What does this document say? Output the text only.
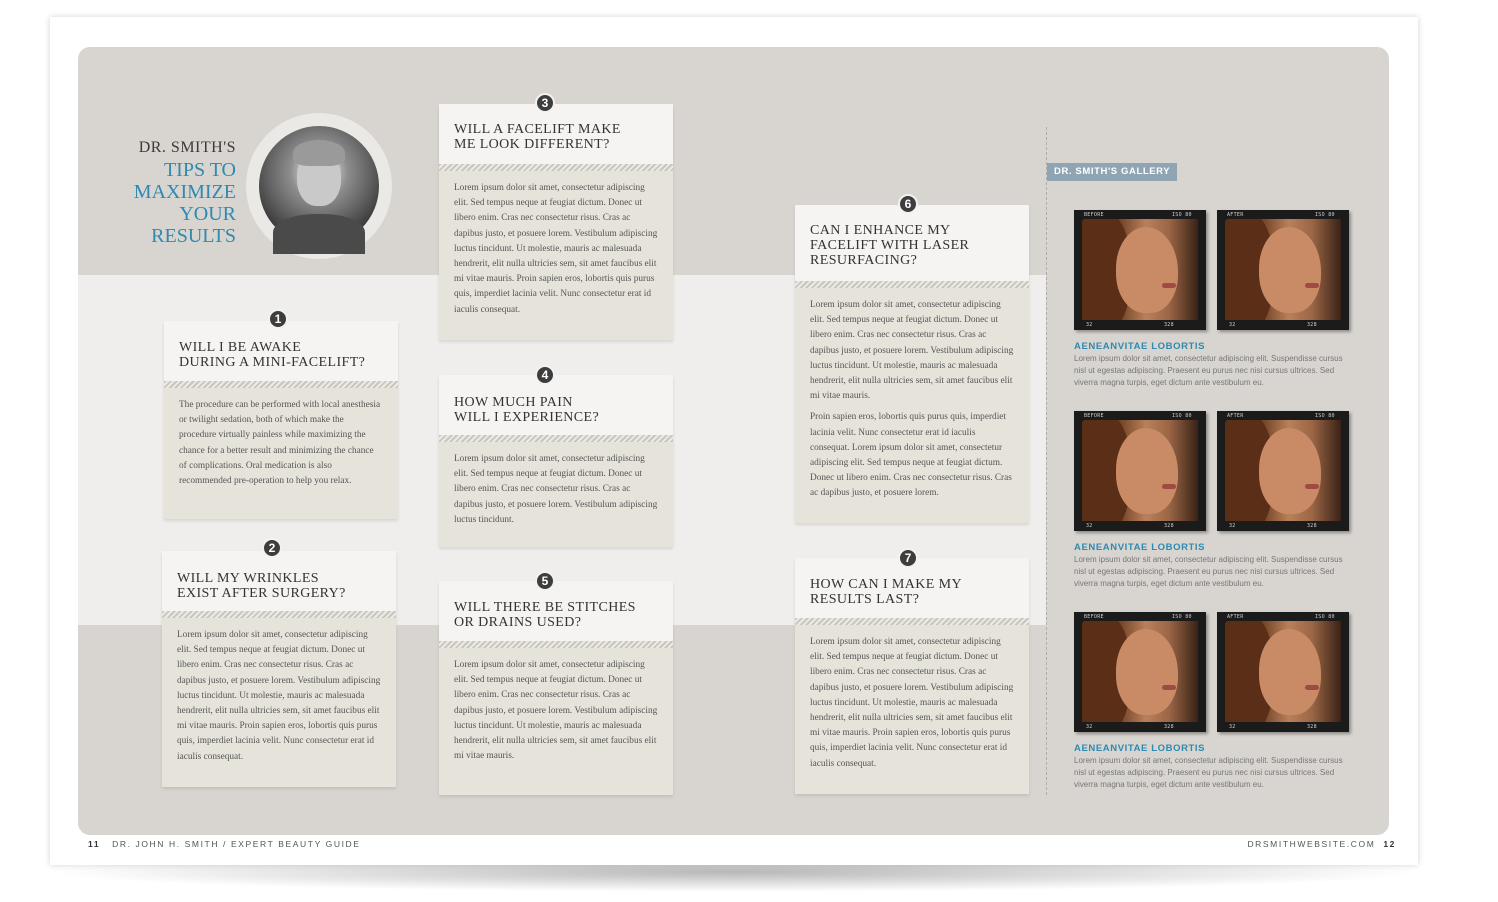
DR. SMITH'S
TIPS TO
MAXIMIZE
YOUR
RESULTS
WILL I BE AWAKE
DURING A MINI-FACELIFT?

The procedure can be performed with local anesthesia or twilight sedation, both of which make the procedure virtually painless while maximizing the chance for a better result and minimizing the chance of complications. Oral medication is also recommended pre-operation to help you relax.

1
WILL MY WRINKLES
EXIST AFTER SURGERY?

Lorem ipsum dolor sit amet, consectetur adipiscing elit. Sed tempus neque at feugiat dictum. Donec ut libero enim. Cras nec consectetur risus. Cras ac dapibus justo, et posuere lorem. Vestibulum adipiscing luctus tincidunt. Ut molestie, mauris ac malesuada hendrerit, elit nulla ultricies sem, sit amet faucibus elit mi vitae mauris. Proin sapien eros, lobortis quis purus quis, imperdiet lacinia velit. Nunc consectetur erat id iaculis consequat.

2
WILL A FACELIFT MAKE
ME LOOK DIFFERENT?

Lorem ipsum dolor sit amet, consectetur adipiscing elit. Sed tempus neque at feugiat dictum. Donec ut libero enim. Cras nec consectetur risus. Cras ac dapibus justo, et posuere lorem. Vestibulum adipiscing luctus tincidunt. Ut molestie, mauris ac malesuada hendrerit, elit nulla ultricies sem, sit amet faucibus elit mi vitae mauris. Proin sapien eros, lobortis quis purus quis, imperdiet lacinia velit. Nunc consectetur erat id iaculis consequat.

3
HOW MUCH PAIN
WILL I EXPERIENCE?

Lorem ipsum dolor sit amet, consectetur adipiscing elit. Sed tempus neque at feugiat dictum. Donec ut libero enim. Cras nec consectetur risus. Cras ac dapibus justo, et posuere lorem. Vestibulum adipiscing luctus tincidunt.

4
WILL THERE BE STITCHES
OR DRAINS USED?

Lorem ipsum dolor sit amet, consectetur adipiscing elit. Sed tempus neque at feugiat dictum. Donec ut libero enim. Cras nec consectetur risus. Cras ac dapibus justo, et posuere lorem. Vestibulum adipiscing luctus tincidunt. Ut molestie, mauris ac malesuada hendrerit, elit nulla ultricies sem, sit amet faucibus elit mi vitae mauris.

5
CAN I ENHANCE MY
FACELIFT WITH LASER
RESURFACING?

Lorem ipsum dolor sit amet, consectetur adipiscing elit. Sed tempus neque at feugiat dictum. Donec ut libero enim. Cras nec consectetur risus. Cras ac dapibus justo, et posuere lorem. Vestibulum adipiscing luctus tincidunt. Ut molestie, mauris ac malesuada hendrerit, elit nulla ultricies sem, sit amet faucibus elit mi vitae mauris.

Proin sapien eros, lobortis quis purus quis, imperdiet lacinia velit. Nunc consectetur erat id iaculis consequat. Lorem ipsum dolor sit amet, consectetur adipiscing elit. Sed tempus neque at feugiat dictum. Donec ut libero enim. Cras nec consectetur risus. Cras ac dapibus justo, et posuere lorem.

6
HOW CAN I MAKE MY
RESULTS LAST?

Lorem ipsum dolor sit amet, consectetur adipiscing elit. Sed tempus neque at feugiat dictum. Donec ut libero enim. Cras nec consectetur risus. Cras ac dapibus justo, et posuere lorem. Vestibulum adipiscing luctus tincidunt. Ut molestie, mauris ac malesuada hendrerit, elit nulla ultricies sem, sit amet faucibus elit mi vitae mauris. Proin sapien eros, lobortis quis purus quis, imperdiet lacinia velit. Nunc consectetur erat id iaculis consequat.

7
DR. SMITH'S GALLERY
BEFORE	ISO 80
32	328
AFTER	ISO 80
32	328
AENEANVITAE LOBORTIS
Lorem ipsum dolor sit amet, consectetur adipiscing elit. Suspendisse cursus nisl ut egestas adipiscing. Praesent eu purus nec nisi cursus ultrices. Sed viverra magna turpis, eget dictum ante vestibulum eu.
BEFORE	ISO 80
32	328
AFTER	ISO 80
32	328
AENEANVITAE LOBORTIS
Lorem ipsum dolor sit amet, consectetur adipiscing elit. Suspendisse cursus nisl ut egestas adipiscing. Praesent eu purus nec nisi cursus ultrices. Sed viverra magna turpis, eget dictum ante vestibulum eu.
BEFORE	ISO 80
32	328
AFTER	ISO 80
32	328
AENEANVITAE LOBORTIS
Lorem ipsum dolor sit amet, consectetur adipiscing elit. Suspendisse cursus nisl ut egestas adipiscing. Praesent eu purus nec nisi cursus ultrices. Sed viverra magna turpis, eget dictum ante vestibulum eu.
11 DR. JOHN H. SMITH / EXPERT BEAUTY GUIDE	DRSMITHWEBSITE.COM 12
